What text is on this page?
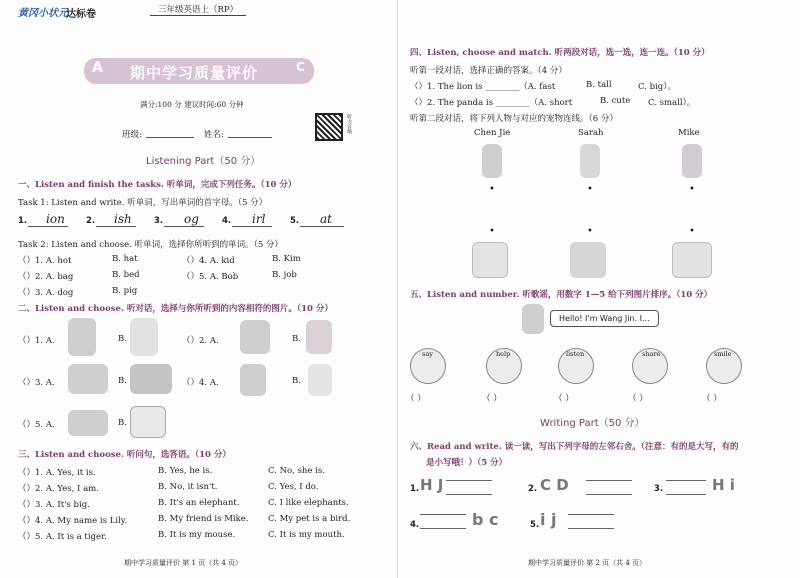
黄冈小状元
达标卷	三年级英语上（RP）
A	C
期中学习质量评价
满分:100 分 建议时间:60 分钟
听力音频
班级:	姓名:
Listening Part（50 分）
一、Listen and finish the tasks. 听单词，完成下列任务。（10 分）
Task 1: Listen and write. 听单词，写出单词的首字母。（5 分）
1. ion 2. ish	3. og	4. irl	5. at
Task 2: Listen and choose. 听单词，选择你所听到的单词。（5 分）
（）1. A. hot	B. hat	（）4. A. kid	B. Kim
（）2. A. bag	B. bed	（）5. A. Bob	B. job
（）3. A. dog	B. pig
二、Listen and choose. 听对话，选择与你所听到的内容相符的图片。（10 分）
（）1. A.	B.	（）2. A.	B.
（）3. A.	B.	（）4. A.	B.
（）5. A.	B.
三、Listen and choose. 听问句，选答语。（10 分）
（）1. A. Yes, it is.	B. Yes, he is.	C. No, she is.
（）2. A. Yes, I am.	B. No, it isn't.	C. Yes, I do.
（）3. A. It's big.	B. It's an elephant.	C. I like elephants.
（）4. A. My name is Lily.	B. My friend is Mike. C. My pet is a bird.
（）5. A. It is a tiger.	B. It is my mouse.	C. It is my mouth.
期中学习质量评价 第 1 页（共 4 页）
四、Listen, choose and match. 听两段对话，选一选，连一连。（10 分）
听第一段对话，选择正确的答案。（4 分）
（）1. The lion is ________（A. fast	B. tall	C. big）。
（）2. The panda is ________（A. short	B. cute C. small）。
听第二段对话，将下列人物与对应的宠物连线。（6 分）
Chen Jie	Sarah	Mike
•	•	•
•	•	•
五、Listen and number. 听歌谣，用数字 1—5 给下列图片排序。（10 分）
Hello! I'm Wang Jin. I...
say	help	listen	share	smile
（ ）	（ ）	（ ）	（ ）	（ ）
Writing Part（50 分）
六、Read and write. 读一读，写出下列字母的左邻右舍。（注意：有的是大写，有的
是小写哦！）（5 分）
1. H J	2. C D	3.	H i
4.	b c	5. i j
期中学习质量评价 第 2 页（共 4 页）
